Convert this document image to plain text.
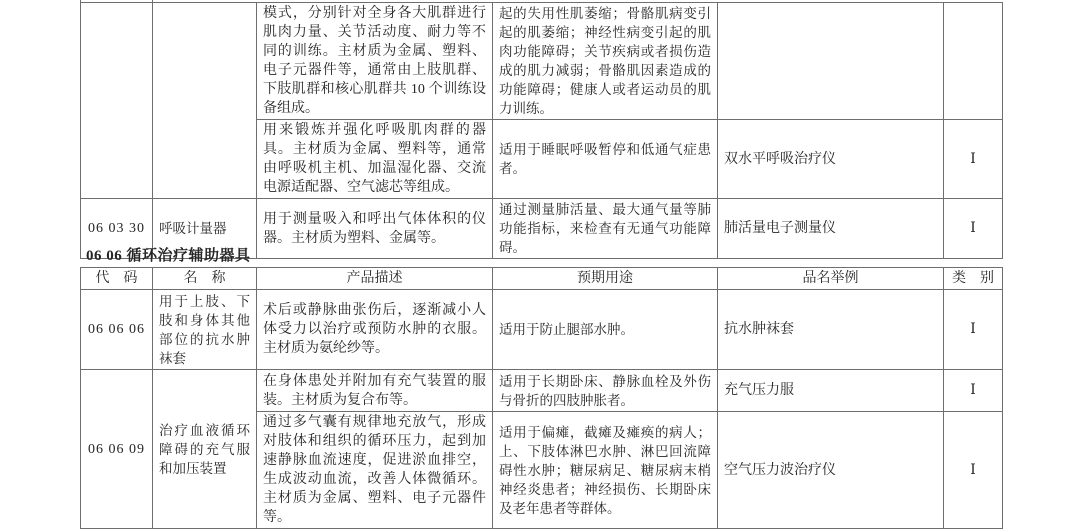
		模式，分别针对全身各大肌群进行肌肉力量、关节活动度、耐力等不同的训练。主材质为金属、塑料、电子元器件等，通常由上肢肌群、下肢肌群和核心肌群共 10 个训练设备组成。	起的失用性肌萎缩；骨骼肌病变引起的肌萎缩；神经性病变引起的肌肉功能障碍；关节疾病或者损伤造成的肌力减弱；骨骼肌因素造成的功能障碍；健康人或者运动员的肌力训练。		
		用来锻炼并强化呼吸肌肉群的器具。主材质为金属、塑料等，通常由呼吸机主机、加温湿化器、交流电源适配器、空气滤芯等组成。	适用于睡眠呼吸暂停和低通气症患者。	双水平呼吸治疗仪	Ⅰ
06 03 30	呼吸计量器	用于测量吸入和呼出气体体积的仪器。主材质为塑料、金属等。	通过测量肺活量、最大通气量等肺功能指标，来检查有无通气功能障碍。	肺活量电子测量仪	Ⅰ
06 06 循环治疗辅助器具
代　码	名　称	产品描述	预期用途	品名举例	类　别
06 06 06	用于上肢、下肢和身体其他部位的抗水肿袜套	术后或静脉曲张伤后，逐渐减小人体受力以治疗或预防水肿的衣服。主材质为氨纶纱等。	适用于防止腿部水肿。	抗水肿袜套	Ⅰ
06 06 09	治疗血液循环障碍的充气服和加压装置	在身体患处并附加有充气装置的服装。主材质为复合布等。	适用于长期卧床、静脉血栓及外伤与骨折的四肢肿胀者。	充气压力服	Ⅰ
		通过多气囊有规律地充放气，形成对肢体和组织的循环压力，起到加速静脉血流速度，促进淤血排空，生成波动血流，改善人体微循环。主材质为金属、塑料、电子元器件等。	适用于偏瘫，截瘫及瘫痪的病人；上、下肢体淋巴水肿、淋巴回流障碍性水肿；糖尿病足、糖尿病末梢神经炎患者；神经损伤、长期卧床及老年患者等群体。	空气压力波治疗仪	Ⅰ
